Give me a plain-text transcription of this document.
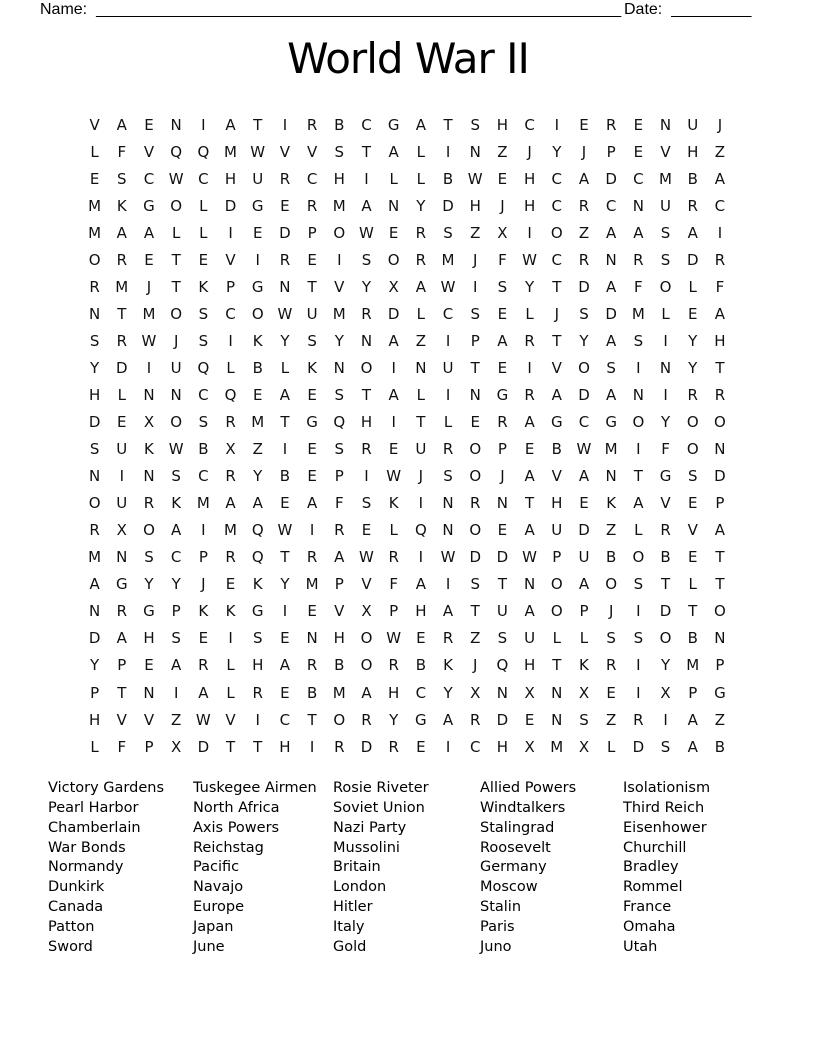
Name: ___________________________________________________________ Date: _________
World War II
V	A	E	N	I	A	T	I	R	B	C	G	A	T	S	H	C	I	E	R	E	N	U	J
L	F	V	Q	Q M W V	V	S	T	A	L	I	N	Z	J	Y	J	P	E	V	H	Z
E	S	C W C	H	U	R	C	H	I	L	L	B W	E	H	C	A	D	C	M	B	A
M	K	G	O	L	D	G	E	R	M	A	N	Y	D	H	J	H	C	R	C	N	U	R	C
M	A	A	L	L	I	E	D	P	O W	E	R	S	Z	X	I	O	Z	A	A	S	A	I
O	R	E	T	E	V	I	R	E	I	S	O	R	M	J	F	W C	R	N	R	S	D	R
R	M	J	T	K	P	G	N	T	V	Y	X	A W	I	S	Y	T	D	A	F	O	L	F
N	T	M O	S	C	O W U	M	R	D	L	C	S	E	L	J	S	D M	L	E	A
S	R W	J	S	I	K	Y	S	Y	N	A	Z	I	P	A	R	T	Y	A	S	I	Y	H
Y	D	I	U	Q	L	B	L	K	N	O	I	N	U	T	E	I	V	O	S	I	N	Y	T
H	L	N	N	C	Q	E	A	E	S	T	A	L	I	N	G	R	A	D	A	N	I	R	R
D	E	X	O	S	R	M	T	G	Q	H	I	T	L	E	R	A	G	C	G	O	Y	O	O
S	U	K W B	X	Z	I	E	S	R	E	U	R	O	P	E	B W M	I	F	O	N
N	I	N	S	C	R	Y	B	E	P	I	W	J	S	O	J	A	V	A	N	T	G	S	D
O	U	R	K	M	A	A	E	A	F	S	K	I	N	R	N	T	H	E	K	A	V	E	P
R	X	O	A	I	M Q W	I	R	E	L	Q	N	O	E	A	U	D	Z	L	R	V	A
M	N	S	C	P	R	Q	T	R	A W R	I	W D	D W	P	U	B	O	B	E	T
A	G	Y	Y	J	E	K	Y	M	P	V	F	A	I	S	T	N	O	A	O	S	T	L	T
N	R	G	P	K	K	G	I	E	V	X	P	H	A	T	U	A	O	P	J	I	D	T	O
D	A	H	S	E	I	S	E	N	H	O W	E	R	Z	S	U	L	L	S	S	O	B	N
Y	P	E	A	R	L	H	A	R	B	O	R	B	K	J	Q	H	T	K	R	I	Y	M	P
P	T	N	I	A	L	R	E	B	M	A	H	C	Y	X	N	X	N	X	E	I	X	P	G
H	V	V	Z W V	I	C	T	O	R	Y	G	A	R	D	E	N	S	Z	R	I	A	Z
L	F	P	X	D	T	T	H	I	R	D	R	E	I	C	H	X	M	X	L	D	S	A	B
Victory Gardens
Pearl Harbor
Chamberlain
War Bonds
Normandy
Dunkirk
Canada
Patton
Sword
Tuskegee Airmen
North Africa
Axis Powers
Reichstag
Pacific
Navajo
Europe
Japan
June
Rosie Riveter
Soviet Union
Nazi Party
Mussolini
Britain
London
Hitler
Italy
Gold
Allied Powers
Windtalkers
Stalingrad
Roosevelt
Germany
Moscow
Stalin
Paris
Juno
Isolationism
Third Reich
Eisenhower
Churchill
Bradley
Rommel
France
Omaha
Utah
